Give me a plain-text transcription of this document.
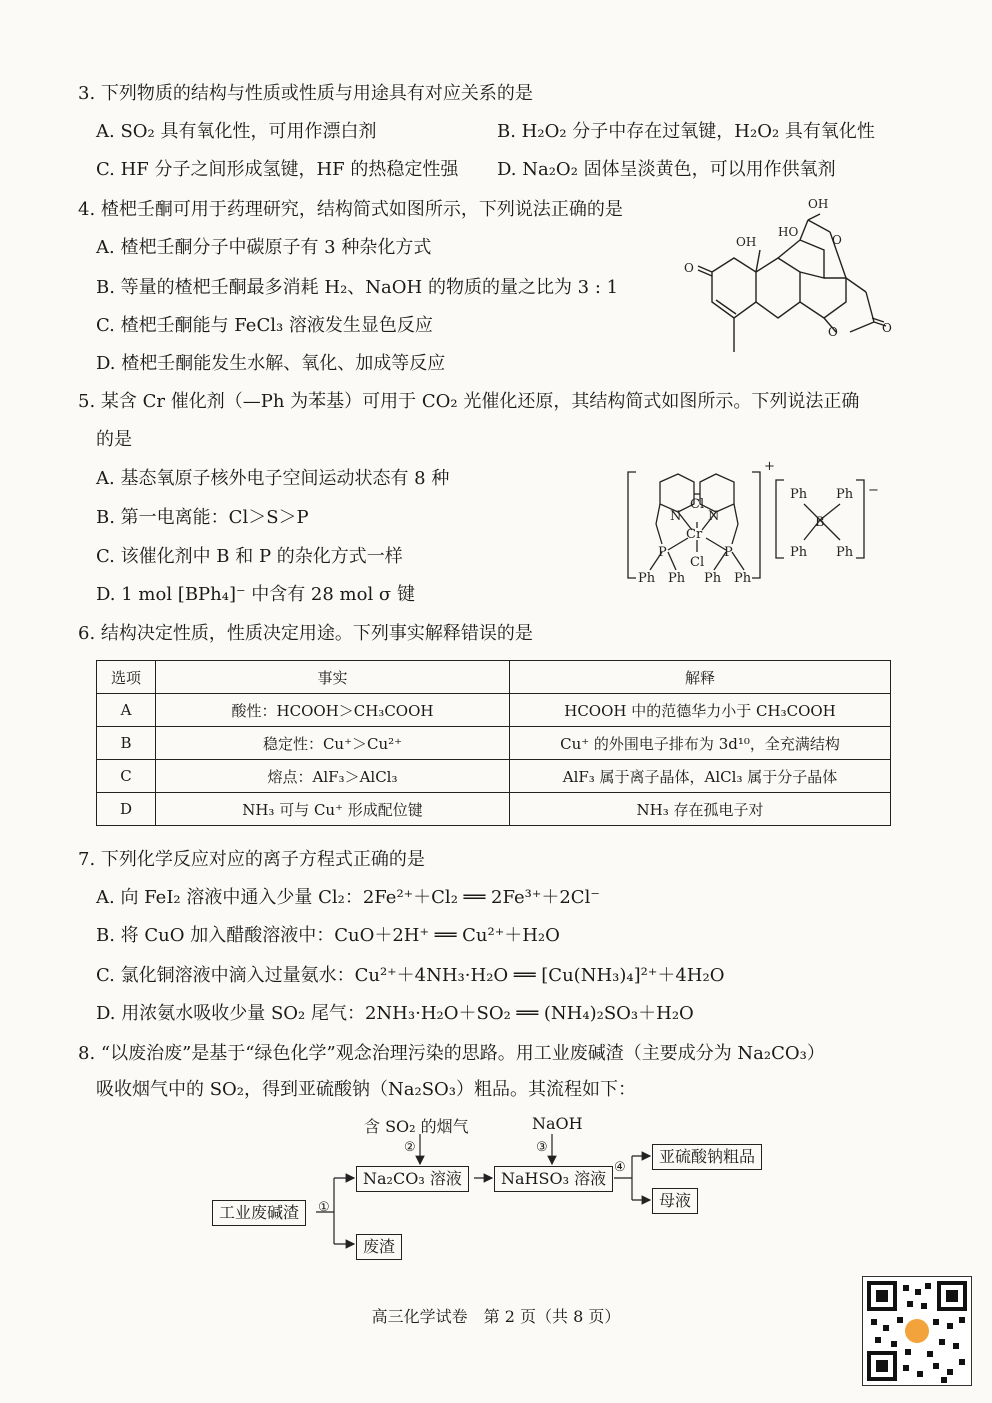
3. 下列物质的结构与性质或性质与用途具有对应关系的是
A. SO₂ 具有氧化性，可用作漂白剂	B. H₂O₂ 分子中存在过氧键，H₂O₂ 具有氧化性
C. HF 分子之间形成氢键，HF 的热稳定性强 D. Na₂O₂ 固体呈淡黄色，可以用作供氧剂
4. 楂杷壬酮可用于药理研究，结构简式如图所示，下列说法正确的是
A. 楂杷壬酮分子中碳原子有 3 种杂化方式
B. 等量的楂杷壬酮最多消耗 H₂、NaOH 的物质的量之比为 3 : 1
C. 楂杷壬酮能与 FeCl₃ 溶液发生显色反应
D. 楂杷壬酮能发生水解、氧化、加成等反应
OH
HO
OH	O
O
O	O
5. 某含 Cr 催化剂（—Ph 为苯基）可用于 CO₂ 光催化还原，其结构简式如图所示。下列说法正确
的是
A. 基态氧原子核外电子空间运动状态有 8 种
B. 第一电离能：Cl＞S＞P
C. 该催化剂中 B 和 P 的杂化方式一样
D. 1 mol [BPh₄]⁻ 中含有 28 mol σ 键
+
−
N N
Cl
Cr
Cl
P	P
Ph Ph Ph Ph
Ph Ph
B
Ph Ph
6. 结构决定性质，性质决定用途。下列事实解释错误的是
选项	事实	解释
A	酸性：HCOOH＞CH₃COOH	HCOOH 中的范德华力小于 CH₃COOH
B	稳定性：Cu⁺＞Cu²⁺	Cu⁺ 的外围电子排布为 3d¹⁰，全充满结构
C	熔点：AlF₃＞AlCl₃	AlF₃ 属于离子晶体，AlCl₃ 属于分子晶体
D	NH₃ 可与 Cu⁺ 形成配位键	NH₃ 存在孤电子对
7. 下列化学反应对应的离子方程式正确的是
A. 向 FeI₂ 溶液中通入少量 Cl₂：2Fe²⁺＋Cl₂ ══ 2Fe³⁺＋2Cl⁻
B. 将 CuO 加入醋酸溶液中：CuO＋2H⁺ ══ Cu²⁺＋H₂O
C. 氯化铜溶液中滴入过量氨水：Cu²⁺＋4NH₃·H₂O ══ [Cu(NH₃)₄]²⁺＋4H₂O
D. 用浓氨水吸收少量 SO₂ 尾气：2NH₃·H₂O＋SO₂ ══ (NH₄)₂SO₃＋H₂O
8. “以废治废”是基于“绿色化学”观念治理污染的思路。用工业废碱渣（主要成分为 Na₂CO₃）
吸收烟气中的 SO₂，得到亚硫酸钠（Na₂SO₃）粗品。其流程如下：
工业废碱渣	①
Na₂CO₃ 溶液
废渣
含 SO₂ 的烟气
②
NaOH
③
NaHSO₃ 溶液
④
亚硫酸钠粗品
母液
高三化学试卷　第 2 页（共 8 页）
